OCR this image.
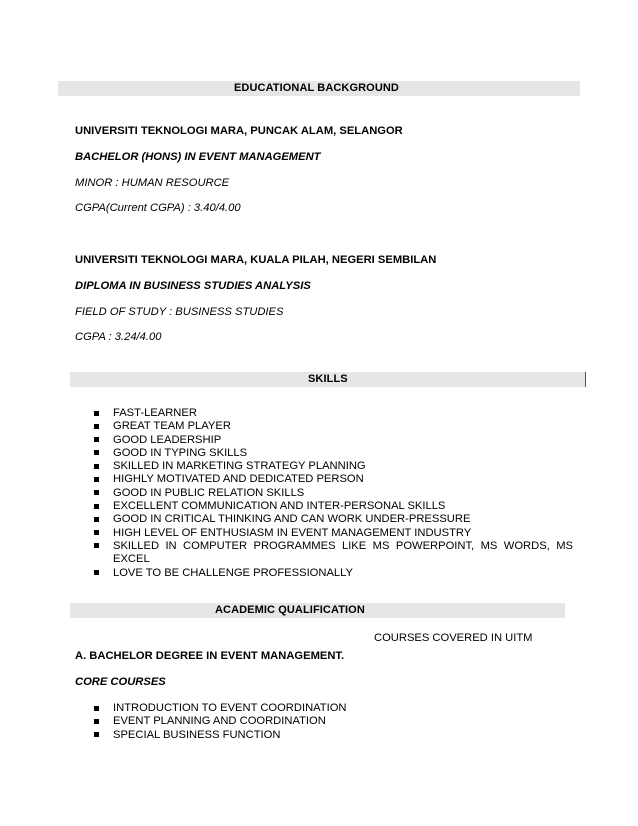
EDUCATIONAL BACKGROUND
UNIVERSITI TEKNOLOGI MARA, PUNCAK ALAM, SELANGOR
BACHELOR (HONS) IN EVENT MANAGEMENT
MINOR : HUMAN RESOURCE
CGPA(Current CGPA) : 3.40/4.00
UNIVERSITI TEKNOLOGI MARA, KUALA PILAH, NEGERI SEMBILAN
DIPLOMA IN BUSINESS STUDIES ANALYSIS
FIELD OF STUDY : BUSINESS STUDIES
CGPA : 3.24/4.00
SKILLS
FAST-LEARNER
GREAT TEAM PLAYER
GOOD LEADERSHIP
GOOD IN TYPING SKILLS
SKILLED IN MARKETING STRATEGY PLANNING
HIGHLY MOTIVATED AND DEDICATED PERSON
GOOD IN PUBLIC RELATION SKILLS
EXCELLENT COMMUNICATION AND INTER-PERSONAL SKILLS
GOOD IN CRITICAL THINKING AND CAN WORK UNDER-PRESSURE
HIGH LEVEL OF ENTHUSIASM IN EVENT MANAGEMENT INDUSTRY
SKILLED IN COMPUTER PROGRAMMES LIKE MS POWERPOINT, MS WORDS, MS EXCEL
LOVE TO BE CHALLENGE PROFESSIONALLY
ACADEMIC QUALIFICATION
COURSES COVERED IN UITM
A. BACHELOR DEGREE IN EVENT MANAGEMENT.
CORE COURSES
INTRODUCTION TO EVENT COORDINATION
EVENT PLANNING AND COORDINATION
SPECIAL BUSINESS FUNCTION
